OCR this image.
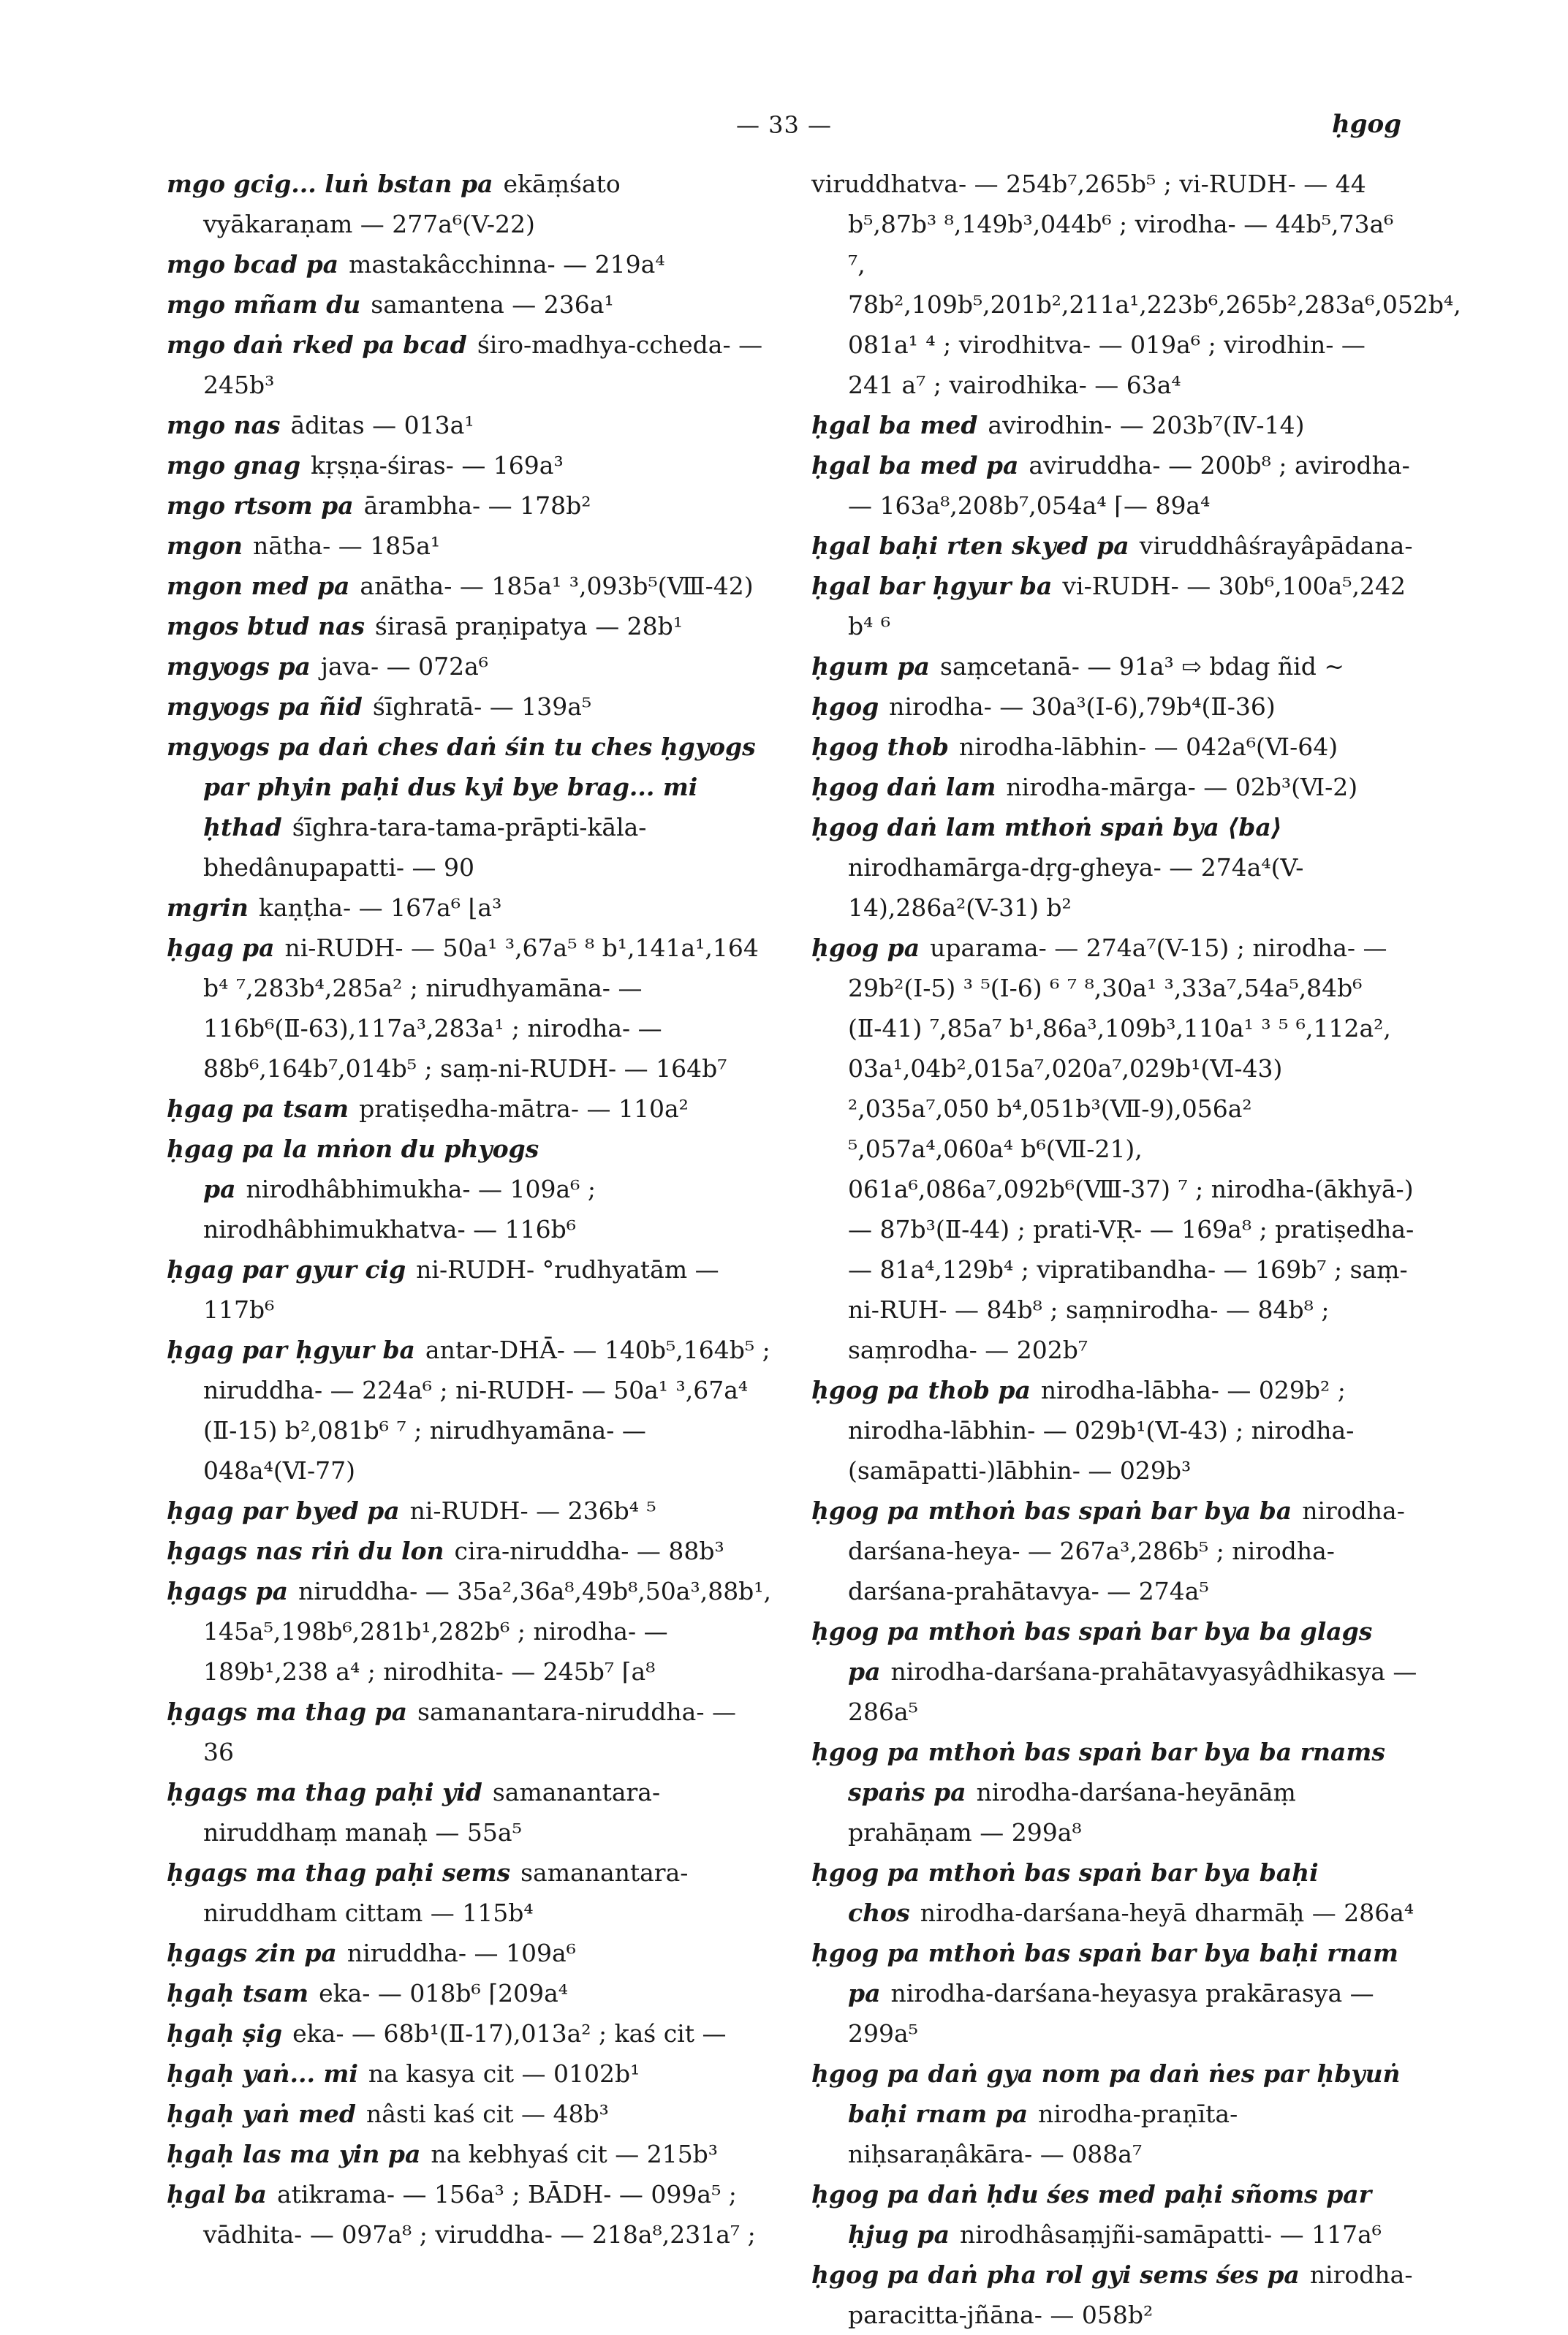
— 33 —	ḥgog

mgo gcig... luṅ bstan pa ekāṃśato vyākaraṇam — 277a⁶(V-22)

mgo bcad pa mastakâcchinna- — 219a⁴

mgo mñam du samantena — 236a¹

mgo daṅ rked pa bcad śiro-madhya-ccheda- — 245b³

mgo nas āditas — 013a¹

mgo gnag kṛṣṇa-śiras- — 169a³

mgo rtsom pa ārambha- — 178b²

mgon nātha- — 185a¹

mgon med pa anātha- — 185a¹ ³,093b⁵(Ⅷ-42)

mgos btud nas śirasā praṇipatya — 28b¹

mgyogs pa java- — 072a⁶

mgyogs pa ñid śīghratā- — 139a⁵

mgyogs pa daṅ ches daṅ śin tu ches ḥgyogs par phyin paḥi dus kyi bye brag... mi ḥthad śīghra-tara-tama-prāpti-kāla-bhedânupapatti- — 90

mgrin kaṇṭha- — 167a⁶ ⌊a³

ḥgag pa ni-RUDH- — 50a¹ ³,67a⁵ ⁸ b¹,141a¹,164 b⁴ ⁷,283b⁴,285a² ; nirudhyamāna- — 116b⁶(Ⅱ-63),117a³,283a¹ ; nirodha- — 88b⁶,164b⁷,014b⁵ ; saṃ-ni-RUDH- — 164b⁷

ḥgag pa tsam pratiṣedha-mātra- — 110a²

ḥgag pa la mṅon du phyogs pa nirodhâbhimukha- — 109a⁶ ; nirodhâbhimukhatva- — 116b⁶

ḥgag par gyur cig ni-RUDH- °rudhyatām — 117b⁶

ḥgag par ḥgyur ba antar-DHĀ- — 140b⁵,164b⁵ ; niruddha- — 224a⁶ ; ni-RUDH- — 50a¹ ³,67a⁴ (Ⅱ-15) b²,081b⁶ ⁷ ; nirudhyamāna- — 048a⁴(Ⅵ-77)

ḥgag par byed pa ni-RUDH- — 236b⁴ ⁵

ḥgags nas riṅ du lon cira-niruddha- — 88b³

ḥgags pa niruddha- — 35a²,36a⁸,49b⁸,50a³,88b¹, 145a⁵,198b⁶,281b¹,282b⁶ ; nirodha- — 189b¹,238 a⁴ ; nirodhita- — 245b⁷ ⌈a⁸

ḥgags ma thag pa samanantara-niruddha- — 36

ḥgags ma thag paḥi yid samanantara-niruddhaṃ manaḥ — 55a⁵

ḥgags ma thag paḥi sems samanantara-niruddham cittam — 115b⁴

ḥgags zin pa niruddha- — 109a⁶

ḥgaḥ tsam eka- — 018b⁶ ⌈209a⁴

ḥgaḥ ṣig eka- — 68b¹(Ⅱ-17),013a² ; kaś cit —

ḥgaḥ yaṅ... mi na kasya cit — 0102b¹

ḥgaḥ yaṅ med nâsti kaś cit — 48b³

ḥgaḥ las ma yin pa na kebhyaś cit — 215b³

ḥgal ba atikrama- — 156a³ ; BĀDH- — 099a⁵ ; vādhita- — 097a⁸ ; viruddha- — 218a⁸,231a⁷ ;

viruddhatva- — 254b⁷,265b⁵ ; vi-RUDH- — 44 b⁵,87b³ ⁸,149b³,044b⁶ ; virodha- — 44b⁵,73a⁶ ⁷, 78b²,109b⁵,201b²,211a¹,223b⁶,265b²,283a⁶,052b⁴, 081a¹ ⁴ ; virodhitva- — 019a⁶ ; virodhin- — 241 a⁷ ; vairodhika- — 63a⁴

ḥgal ba med avirodhin- — 203b⁷(Ⅳ-14)

ḥgal ba med pa aviruddha- — 200b⁸ ; avirodha- — 163a⁸,208b⁷,054a⁴ ⌈— 89a⁴

ḥgal baḥi rten skyed pa viruddhâśrayâpādana-

ḥgal bar ḥgyur ba vi-RUDH- — 30b⁶,100a⁵,242 b⁴ ⁶

ḥgum pa saṃcetanā- — 91a³ ⇨ bdag ñid ~

ḥgog nirodha- — 30a³(Ⅰ-6),79b⁴(Ⅱ-36)

ḥgog thob nirodha-lābhin- — 042a⁶(Ⅵ-64)

ḥgog daṅ lam nirodha-mārga- — 02b³(Ⅵ-2)

ḥgog daṅ lam mthoṅ spaṅ bya ⟨ba⟩nirodhamārga-dṛg-gheya- — 274a⁴(V-14),286a²(V-31) b²

ḥgog pa uparama- — 274a⁷(V-15) ; nirodha- — 29b²(Ⅰ-5) ³ ⁵(Ⅰ-6) ⁶ ⁷ ⁸,30a¹ ³,33a⁷,54a⁵,84b⁶ (Ⅱ-41) ⁷,85a⁷ b¹,86a³,109b³,110a¹ ³ ⁵ ⁶,112a², 03a¹,04b²,015a⁷,020a⁷,029b¹(Ⅵ-43) ²,035a⁷,050 b⁴,051b³(Ⅶ-9),056a² ⁵,057a⁴,060a⁴ b⁶(Ⅶ-21), 061a⁶,086a⁷,092b⁶(Ⅷ-37) ⁷ ; nirodha-(ākhyā-) — 87b³(Ⅱ-44) ; prati-VṚ- — 169a⁸ ; pratiṣedha- — 81a⁴,129b⁴ ; vipratibandha- — 169b⁷ ; saṃ-ni-RUH- — 84b⁸ ; saṃnirodha- — 84b⁸ ; saṃrodha- — 202b⁷

ḥgog pa thob pa nirodha-lābha- — 029b² ; nirodha-lābhin- — 029b¹(Ⅵ-43) ; nirodha-(samāpatti-)lābhin- — 029b³

ḥgog pa mthoṅ bas spaṅ bar bya ba nirodha-darśana-heya- — 267a³,286b⁵ ; nirodha-darśana-prahātavya- — 274a⁵

ḥgog pa mthoṅ bas spaṅ bar bya ba glags pa nirodha-darśana-prahātavyasyâdhikasya — 286a⁵

ḥgog pa mthoṅ bas spaṅ bar bya ba rnams spaṅs pa nirodha-darśana-heyānāṃ prahāṇam — 299a⁸

ḥgog pa mthoṅ bas spaṅ bar bya baḥi chos nirodha-darśana-heyā dharmāḥ — 286a⁴

ḥgog pa mthoṅ bas spaṅ bar bya baḥi rnam pa nirodha-darśana-heyasya prakārasya — 299a⁵

ḥgog pa daṅ gya nom pa daṅ ṅes par ḥbyuṅ baḥi rnam pa nirodha-praṇīta-niḥsaraṇâkāra- — 088a⁷

ḥgog pa daṅ ḥdu śes med paḥi sñoms par ḥjug pa nirodhâsaṃjñi-samāpatti- — 117a⁶

ḥgog pa daṅ pha rol gyi sems śes pa nirodha-paracitta-jñāna- — 058b²
